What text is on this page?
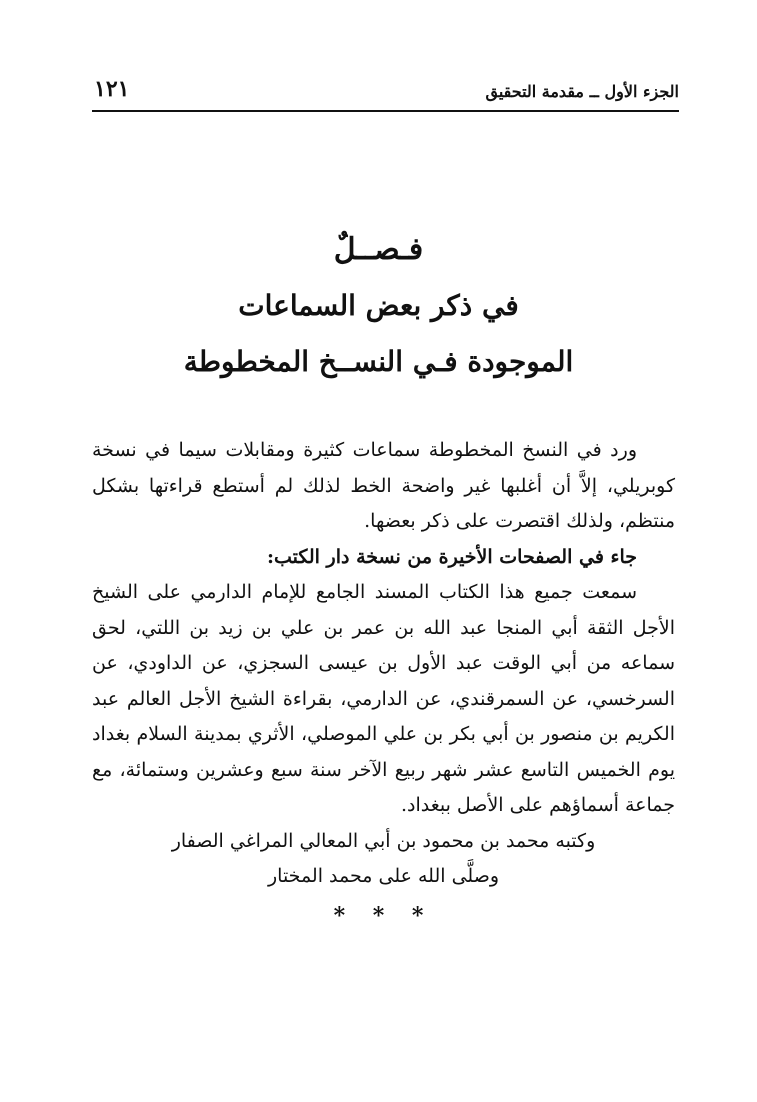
الجزء الأول ــ مقدمة التحقيق
١٢١
فـصــلٌ
في ذكر بعض السماعات
الموجودة فـي النســخ المخطوطة

ورد في النسخ المخطوطة سماعات كثيرة ومقابلات سيما في نسخة كوبريلي، إلاَّ أن أغلبها غير واضحة الخط لذلك لم أستطع قراءتها بشكل منتظم، ولذلك اقتصرت على ذكر بعضها.

جاء في الصفحات الأخيرة من نسخة دار الكتب:

سمعت جميع هذا الكتاب المسند الجامع للإمام الدارمي على الشيخ الأجل الثقة أبي المنجا عبد الله بن عمر بن علي بن زيد بن اللتي، لحق سماعه من أبي الوقت عبد الأول بن عيسى السجزي، عن الداودي، عن السرخسي، عن السمرقندي، عن الدارمي، بقراءة الشيخ الأجل العالم عبد الكريم بن منصور بن أبي بكر بن علي الموصلي، الأثري بمدينة السلام بغداد يوم الخميس التاسع عشر شهر ربيع الآخر سنة سبع وعشرين وستمائة، مع جماعة أسماؤهم على الأصل ببغداد.

وكتبه محمد بن محمود بن أبي المعالي المراغي الصفار

وصلَّى الله على محمد المختار

* * *
